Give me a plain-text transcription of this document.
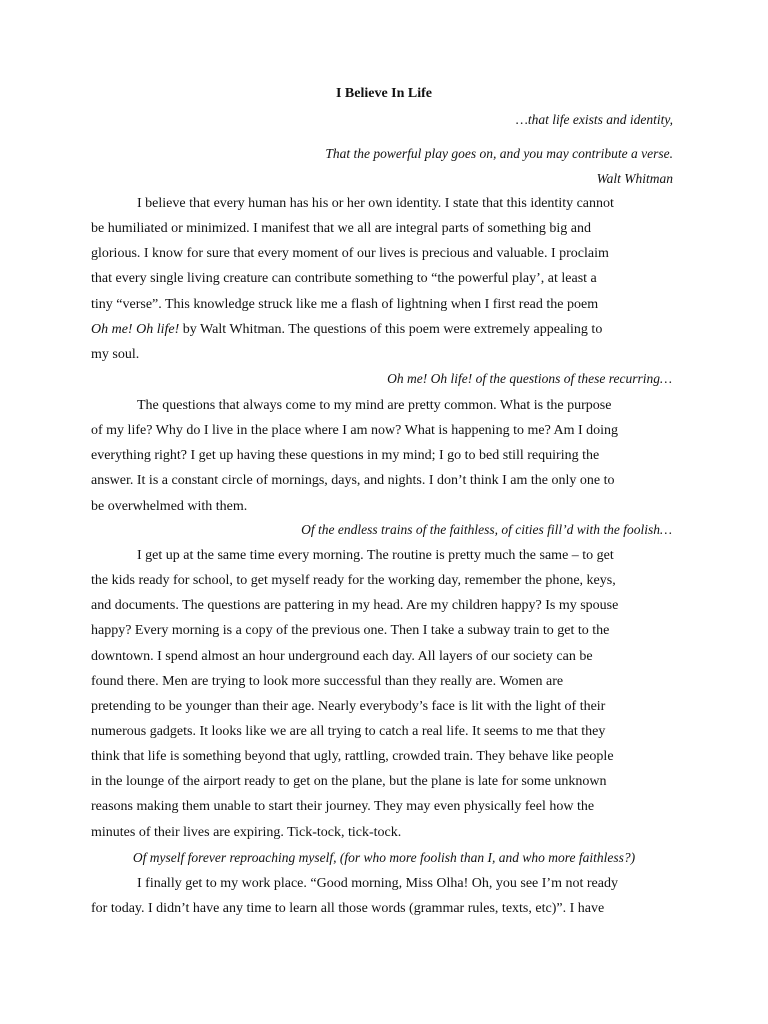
I Believe In Life

…that life exists and identity,

That the powerful play goes on, and you may contribute a verse.

Walt Whitman

I believe that every human has his or her own identity. I state that this identity cannot
be humiliated or minimized. I manifest that we all are integral parts of something big and
glorious. I know for sure that every moment of our lives is precious and valuable. I proclaim
that every single living creature can contribute something to “the powerful play’, at least a
tiny “verse”. This knowledge struck like me a flash of lightning when I first read the poem
Oh me! Oh life! by Walt Whitman. The questions of this poem were extremely appealing to
my soul.

Oh me! Oh life! of the questions of these recurring…

The questions that always come to my mind are pretty common. What is the purpose
of my life? Why do I live in the place where I am now? What is happening to me? Am I doing
everything right? I get up having these questions in my mind; I go to bed still requiring the
answer. It is a constant circle of mornings, days, and nights. I don’t think I am the only one to
be overwhelmed with them.

Of the endless trains of the faithless, of cities fill’d with the foolish…

I get up at the same time every morning. The routine is pretty much the same – to get
the kids ready for school, to get myself ready for the working day, remember the phone, keys,
and documents. The questions are pattering in my head. Are my children happy? Is my spouse
happy? Every morning is a copy of the previous one. Then I take a subway train to get to the
downtown. I spend almost an hour underground each day. All layers of our society can be
found there. Men are trying to look more successful than they really are. Women are
pretending to be younger than their age. Nearly everybody’s face is lit with the light of their
numerous gadgets. It looks like we are all trying to catch a real life. It seems to me that they
think that life is something beyond that ugly, rattling, crowded train. They behave like people
in the lounge of the airport ready to get on the plane, but the plane is late for some unknown
reasons making them unable to start their journey. They may even physically feel how the
minutes of their lives are expiring. Tick-tock, tick-tock.

Of myself forever reproaching myself, (for who more foolish than I, and who more faithless?)

I finally get to my work place. “Good morning, Miss Olha! Oh, you see I’m not ready
for today. I didn’t have any time to learn all those words (grammar rules, texts, etc)”. I have
